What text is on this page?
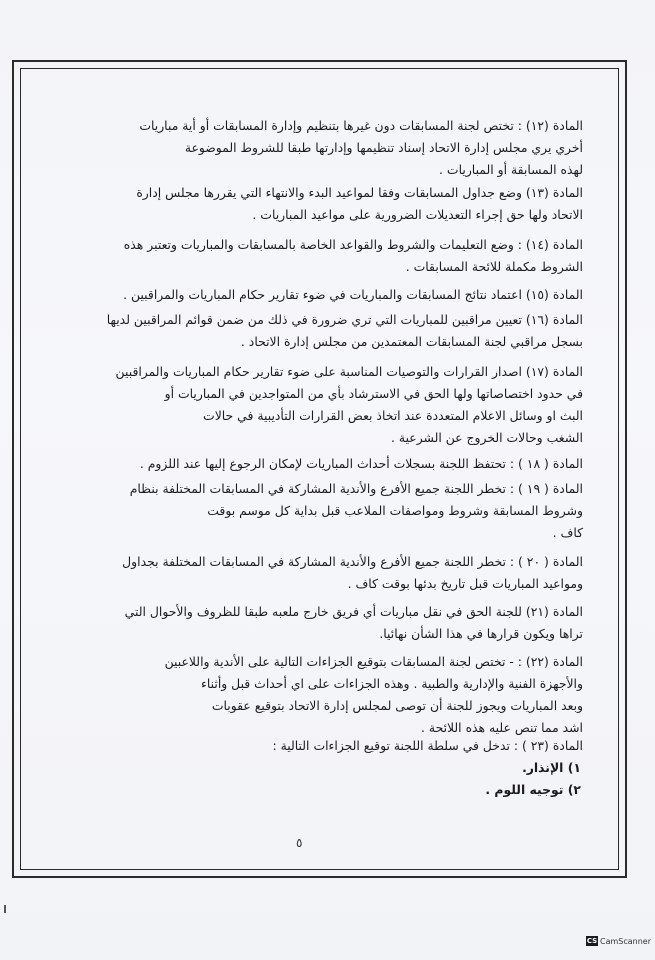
المادة (١٢) : تختص لجنة المسابقات دون غيرها بتنظيم وإدارة المسابقات أو أية مباريات
أخري يري مجلس إدارة الاتحاد إسناد تنظيمها وإدارتها طبقا للشروط الموضوعة
لهذه المسابقة أو المباريات .
المادة (١٣) وضع جداول المسابقات وفقا لمواعيد البدء والانتهاء التي يقررها مجلس إدارة
الاتحاد ولها حق إجراء التعديلات الضرورية على مواعيد المباريات .
المادة (١٤) : وضع التعليمات والشروط والقواعد الخاصة بالمسابقات والمباريات وتعتبر هذه
الشروط مكملة للائحة المسابقات .
المادة (١٥) اعتماد نتائج المسابقات والمباريات في ضوء تقارير حكام المباريات والمراقبين .
المادة (١٦) تعيين مراقبين للمباريات التي تري ضرورة في ذلك من ضمن قوائم المراقبين لديها
بسجل مراقبي لجنة المسابقات المعتمدين من مجلس إدارة الاتحاد .
المادة (١٧) اصدار القرارات والتوصيات المناسبة على ضوء تقارير حكام المباريات والمراقبين
في حدود اختصاصاتها ولها الحق في الاسترشاد بأي من المتواجدين في المباريات أو
البث او وسائل الاعلام المتعددة عند اتخاذ بعض القرارات التأديبية في حالات
الشغب وحالات الخروج عن الشرعية .
المادة ( ١٨ ) : تحتفظ اللجنة بسجلات أحداث المباريات لإمكان الرجوع إليها عند اللزوم .
المادة ( ١٩ ) : تخطر اللجنة جميع الأفرع والأندية المشاركة في المسابقات المختلفة بنظام
وشروط المسابقة وشروط ومواصفات الملاعب قبل بداية كل موسم بوقت
كاف .
المادة ( ٢٠ ) : تخطر اللجنة جميع الأفرع والأندية المشاركة في المسابقات المختلفة بجداول
ومواعيد المباريات قبل تاريخ بدئها بوقت كاف .
المادة (٢١) للجنة الحق في نقل مباريات أي فريق خارج ملعبه طبقا للظروف والأحوال التي
تراها ويكون قرارها في هذا الشأن نهائيا.
المادة (٢٢) : - تختص لجنة المسابقات بتوقيع الجزاءات التالية على الأندية واللاعبين
والأجهزة الفنية والإدارية والطبية . وهذه الجزاءات على اي أحداث قبل وأثناء
وبعد المباريات ويجوز للجنة أن توصى لمجلس إدارة الاتحاد بتوقيع عقوبات
اشد مما تنص عليه هذه اللائحة .
المادة (٢٣ ) : تدخل في سلطة اللجنة توقيع الجزاءات التالية :
١) الإنذار.
٢) توجيه اللوم .
٥
CS CamScanner
